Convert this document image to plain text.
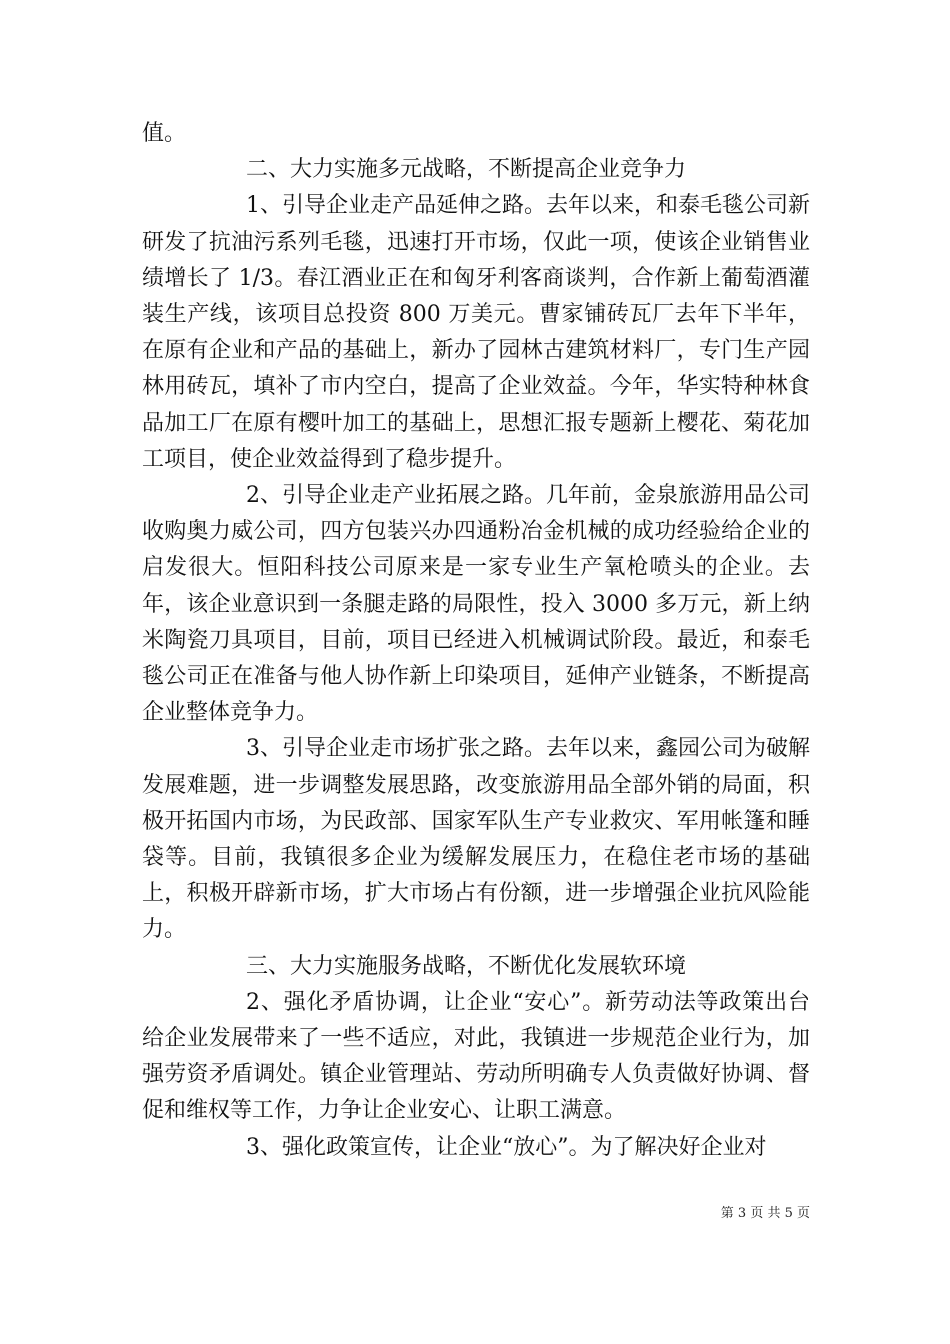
值。

二、大力实施多元战略，不断提高企业竞争力

1、引导企业走产品延伸之路。去年以来，和泰毛毯公司新研发了抗油污系列毛毯，迅速打开市场，仅此一项，使该企业销售业绩增长了 1/3。春江酒业正在和匈牙利客商谈判，合作新上葡萄酒灌装生产线，该项目总投资 800 万美元。曹家铺砖瓦厂去年下半年，在原有企业和产品的基础上，新办了园林古建筑材料厂，专门生产园林用砖瓦，填补了市内空白，提高了企业效益。今年，华实特种林食品加工厂在原有樱叶加工的基础上，思想汇报专题新上樱花、菊花加工项目，使企业效益得到了稳步提升。

2、引导企业走产业拓展之路。几年前，金泉旅游用品公司收购奥力威公司，四方包装兴办四通粉冶金机械的成功经验给企业的启发很大。恒阳科技公司原来是一家专业生产氧枪喷头的企业。去年，该企业意识到一条腿走路的局限性，投入 3000 多万元，新上纳米陶瓷刀具项目，目前，项目已经进入机械调试阶段。最近，和泰毛毯公司正在准备与他人协作新上印染项目，延伸产业链条，不断提高企业整体竞争力。

3、引导企业走市场扩张之路。去年以来，鑫园公司为破解发展难题，进一步调整发展思路，改变旅游用品全部外销的局面，积极开拓国内市场，为民政部、国家军队生产专业救灾、军用帐篷和睡袋等。目前，我镇很多企业为缓解发展压力，在稳住老市场的基础上，积极开辟新市场，扩大市场占有份额，进一步增强企业抗风险能力。

三、大力实施服务战略，不断优化发展软环境

2、强化矛盾协调，让企业“安心”。新劳动法等政策出台给企业发展带来了一些不适应，对此，我镇进一步规范企业行为，加强劳资矛盾调处。镇企业管理站、劳动所明确专人负责做好协调、督促和维权等工作，力争让企业安心、让职工满意。

3、强化政策宣传，让企业“放心”。为了解决好企业对

第 3 页 共 5 页
